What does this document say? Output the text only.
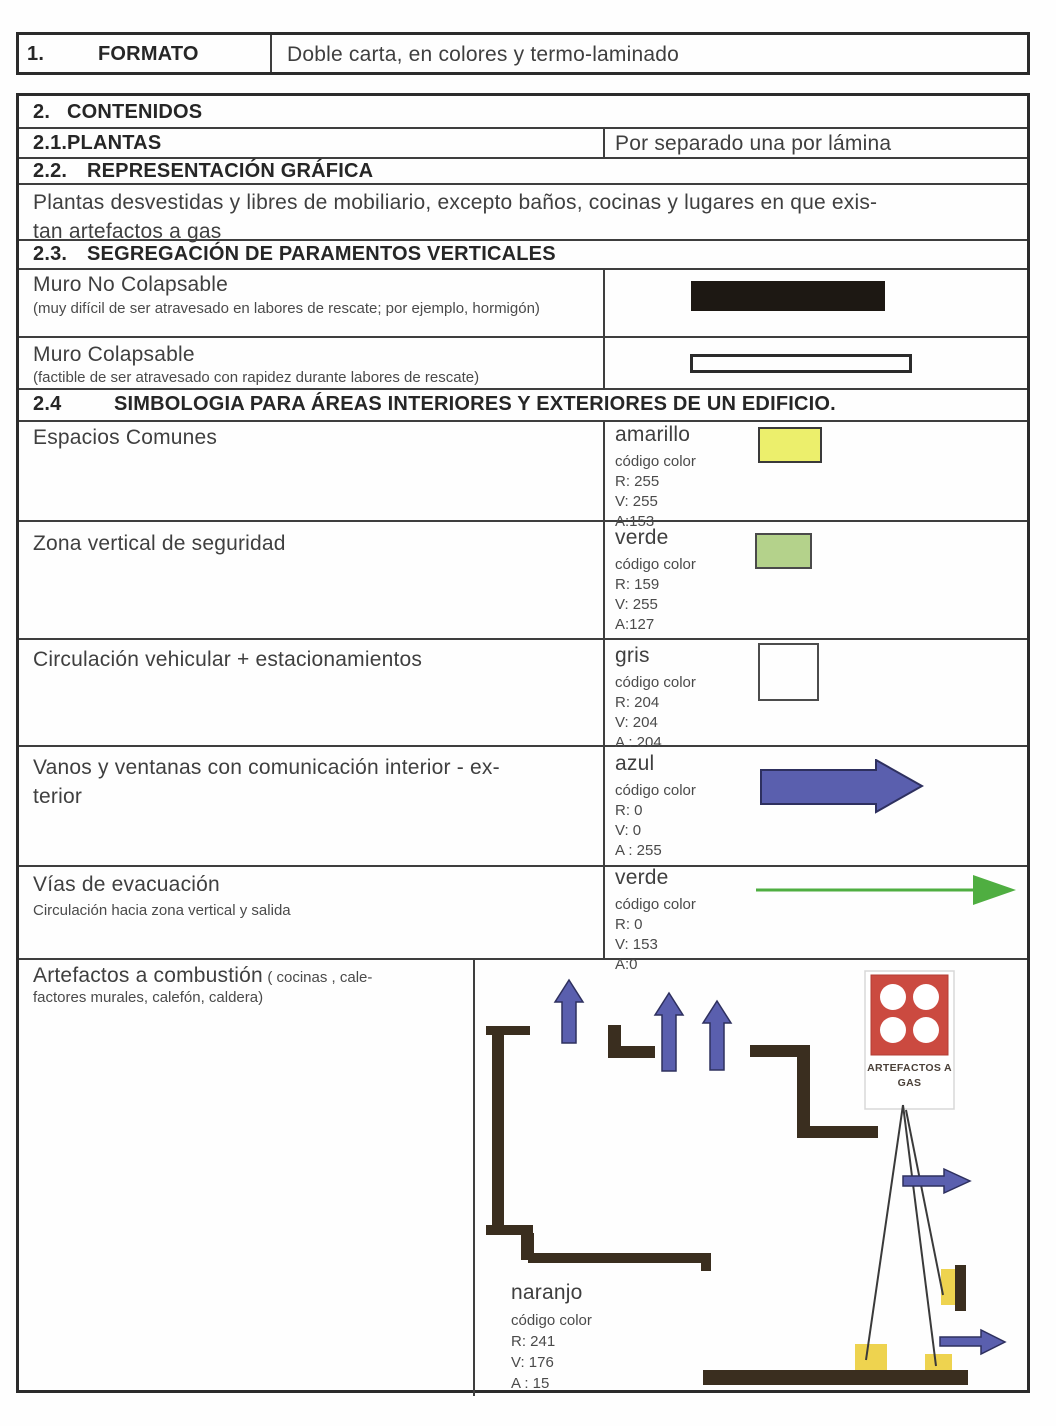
1.	FORMATO	Doble carta, en colores y termo-laminado
2. CONTENIDOS
2.1.PLANTAS	Por separado una por lámina
2.2. REPRESENTACIÓN GRÁFICA
Plantas desvestidas y libres de mobiliario, excepto baños, cocinas y lugares en que exis-
tan artefactos a gas
2.3. SEGREGACIÓN DE PARAMENTOS VERTICALES
Muro No Colapsable
(muy difícil de ser atravesado en labores de rescate; por ejemplo, hormigón)
Muro Colapsable
(factible de ser atravesado con rapidez durante labores de rescate)
2.4	SIMBOLOGIA PARA ÁREAS INTERIORES Y EXTERIORES DE UN EDIFICIO.
Espacios Comunes	amarillo
código color
R: 255
V: 255
A:153
Zona vertical de seguridad	verde
código color
R: 159
V: 255
A:127
Circulación vehicular + estacionamientos	gris
código color
R: 204
V: 204
A : 204
Vanos y ventanas con comunicación interior - ex-
terior
azul
código color
R: 0
V: 0
A : 255
Vías de evacuación
Circulación hacia zona vertical y salida
verde
código color
R: 0
V: 153
A:0
Artefactos a combustión ( cocinas , cale-
factores murales, calefón, caldera)
ARTEFACTOS A
GAS
naranjo
código color
R: 241
V: 176
A : 15
